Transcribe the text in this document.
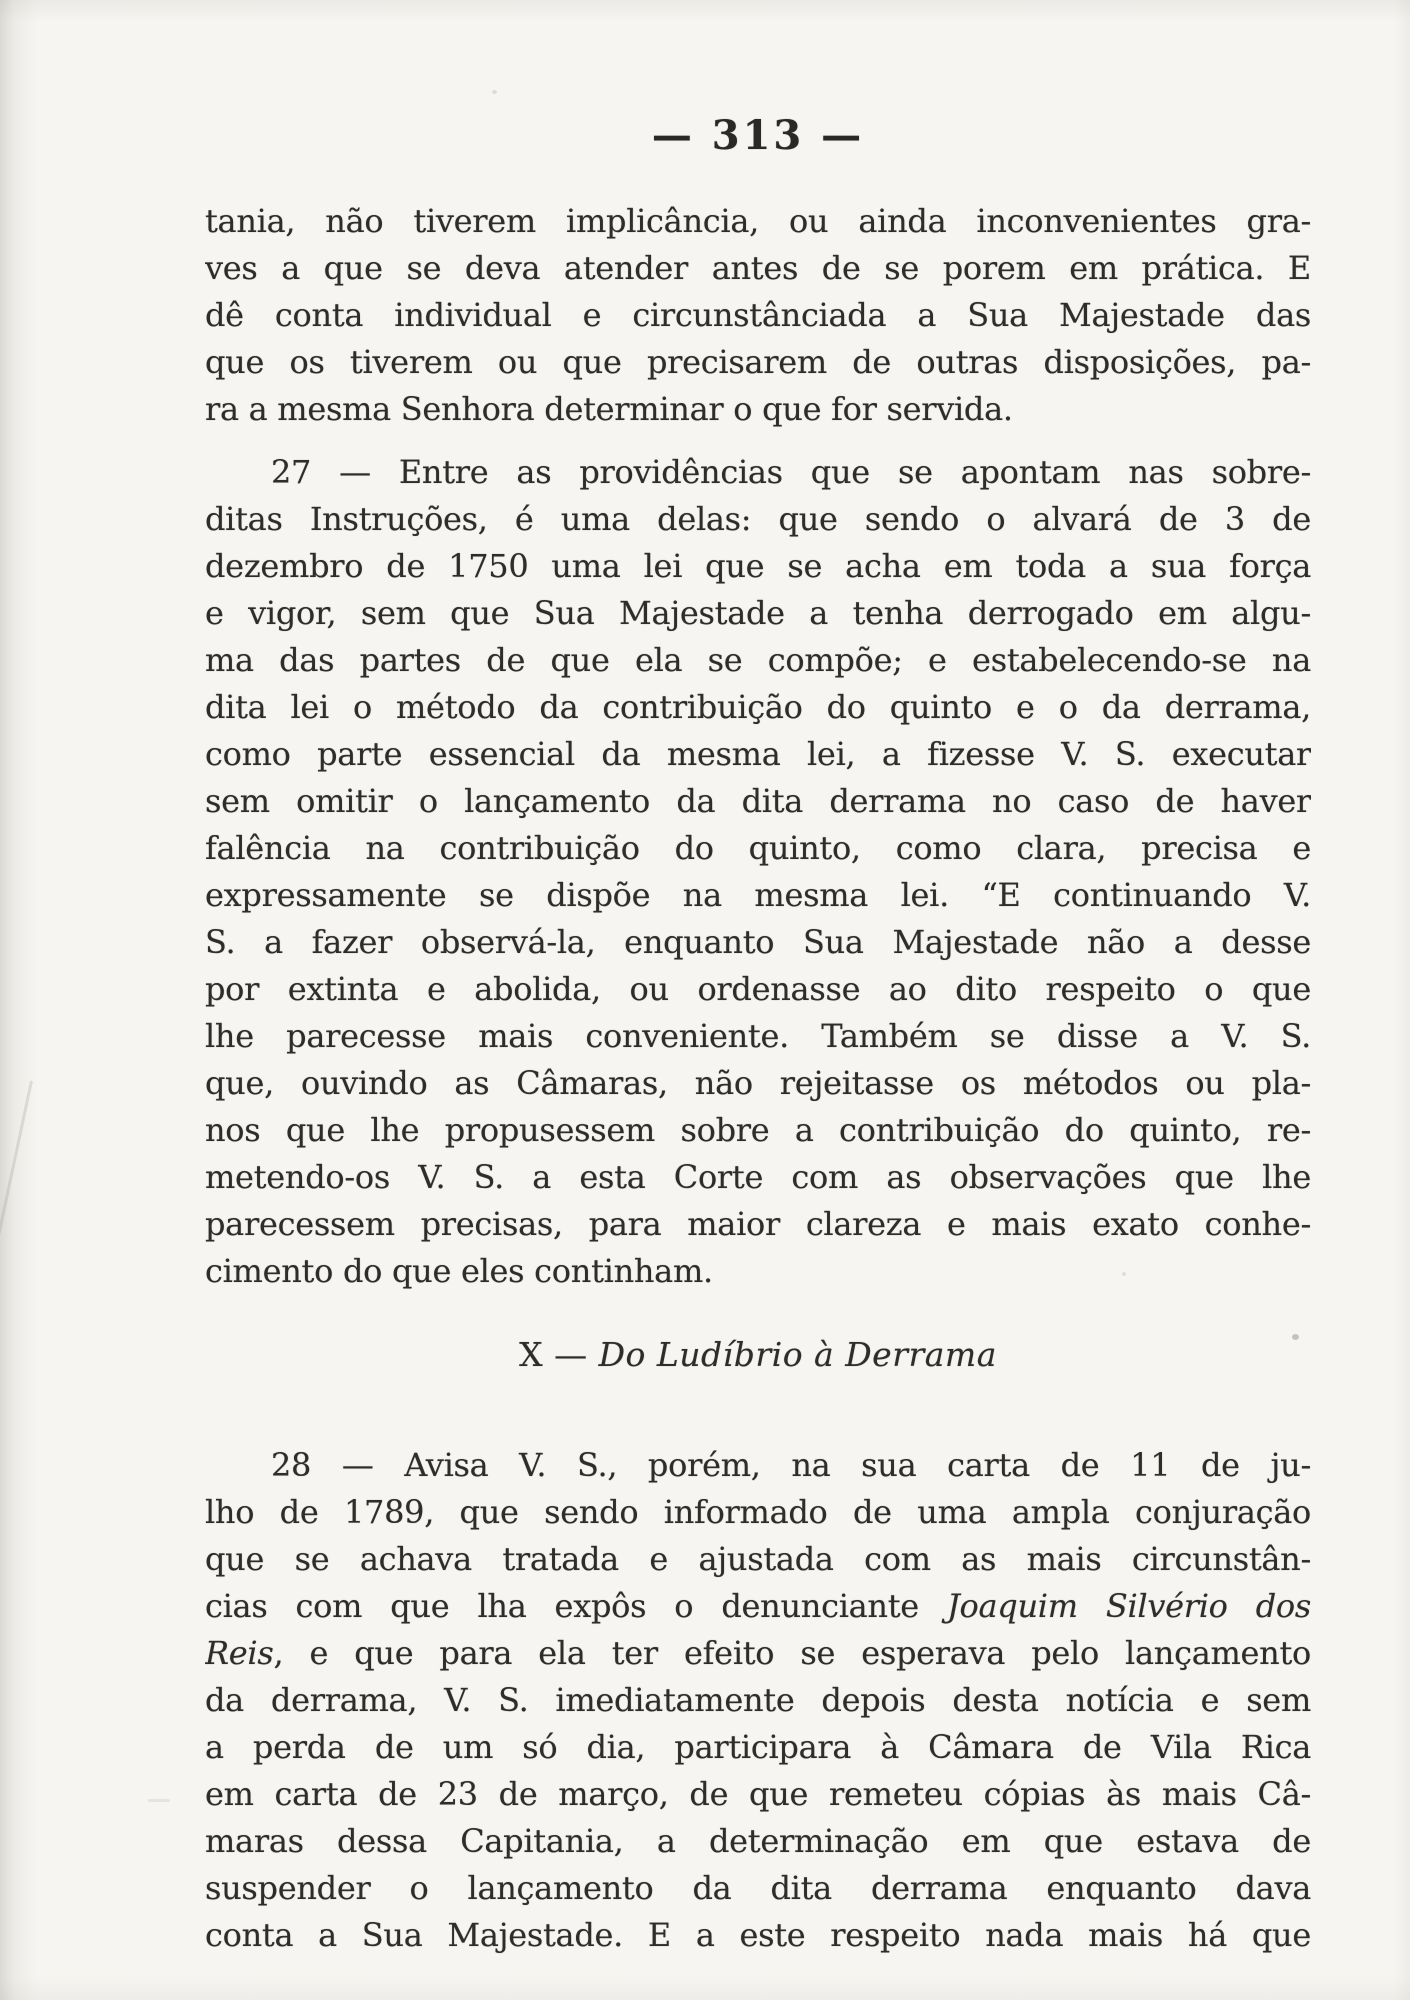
— 313 —
tania, não tiverem implicância, ou ainda inconvenientes gra-
ves a que se deva atender antes de se porem em prática. E
dê conta individual e circunstânciada a Sua Majestade das
que os tiverem ou que precisarem de outras disposições, pa-
ra a mesma Senhora determinar o que for servida.
27 — Entre as providências que se apontam nas sobre-
ditas Instruções, é uma delas: que sendo o alvará de 3 de
dezembro de 1750 uma lei que se acha em toda a sua força
e vigor, sem que Sua Majestade a tenha derrogado em algu-
ma das partes de que ela se compõe; e estabelecendo-se na
dita lei o método da contribuição do quinto e o da derrama,
como parte essencial da mesma lei, a fizesse V. S. executar
sem omitir o lançamento da dita derrama no caso de haver
falência na contribuição do quinto, como clara, precisa e
expressamente se dispõe na mesma lei. “E continuando V.
S. a fazer observá-la, enquanto Sua Majestade não a desse
por extinta e abolida, ou ordenasse ao dito respeito o que
lhe parecesse mais conveniente. Também se disse a V. S.
que, ouvindo as Câmaras, não rejeitasse os métodos ou pla-
nos que lhe propusessem sobre a contribuição do quinto, re-
metendo-os V. S. a esta Corte com as observações que lhe
parecessem precisas, para maior clareza e mais exato conhe-
cimento do que eles continham.
X — Do Ludíbrio à Derrama
28 — Avisa V. S., porém, na sua carta de 11 de ju-
lho de 1789, que sendo informado de uma ampla conjuração
que se achava tratada e ajustada com as mais circunstân-
cias com que lha expôs o denunciante Joaquim Silvério dos
Reis, e que para ela ter efeito se esperava pelo lançamento
da derrama, V. S. imediatamente depois desta notícia e sem
a perda de um só dia, participara à Câmara de Vila Rica
em carta de 23 de março, de que remeteu cópias às mais Câ-
maras dessa Capitania, a determinação em que estava de
suspender o lançamento da dita derrama enquanto dava
conta a Sua Majestade. E a este respeito nada mais há que
